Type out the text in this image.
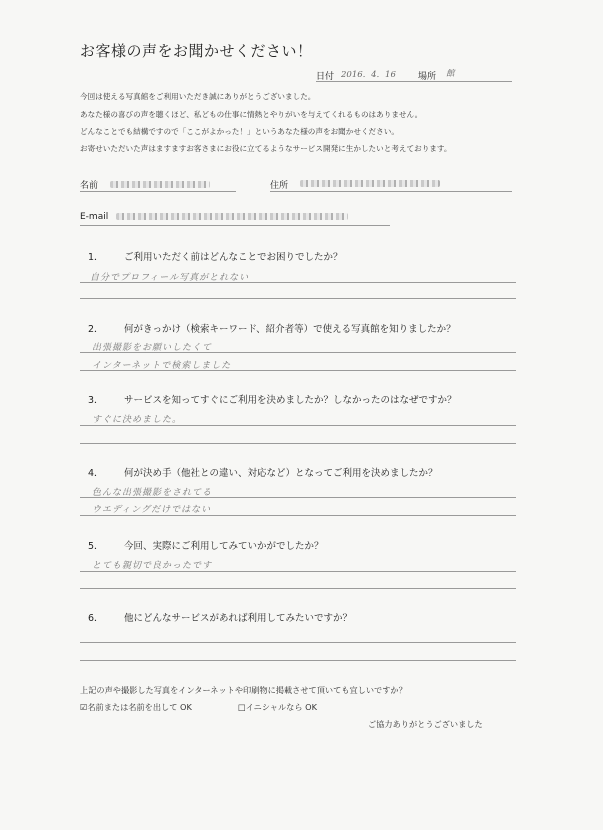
お客様の声をお聞かせください！
日付 2016．4．16 場所 館
今回は使える写真館をご利用いただき誠にありがとうございました。
あなた様の喜びの声を聴くほど、私どもの仕事に情熱とやりがいを与えてくれるものはありません。
どんなことでも結構ですので「ここがよかった！」というあなた様の声をお聞かせください。
お寄せいただいた声はますますお客さまにお役に立てるようなサービス開発に生かしたいと考えております。
名前	住所
E-mail
1． ご利用いただく前はどんなことでお困りでしたか？
自分でプロフィール写真がとれない
2． 何がきっかけ（検索キーワード、紹介者等）で使える写真館を知りましたか？
出張撮影をお願いしたくて
インターネットで検索しました
3． サービスを知ってすぐにご利用を決めましたか？しなかったのはなぜですか？
すぐに決めました。
4． 何が決め手（他社との違い、対応など）となってご利用を決めましたか？
色んな出張撮影をされてる
ウエディングだけではない
5． 今回、実際にご利用してみていかがでしたか？
とても親切で良かったです
6． 他にどんなサービスがあれば利用してみたいですか？
上記の声や撮影した写真をインターネットや印刷物に掲載させて頂いても宜しいですか？
☑名前または名前を出して OK	□イニシャルなら OK
ご協力ありがとうございました
